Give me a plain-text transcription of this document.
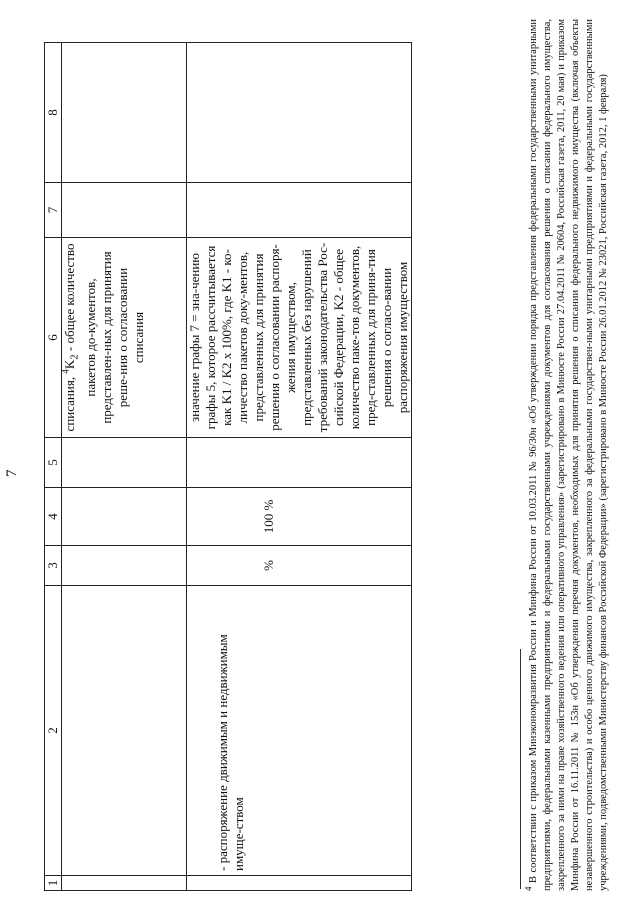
7
1	2	3	4	5	6	7	8
					списания, $^4K_2$ - общее количество пакетов до-кументов, представлен-ных для принятия реше-ния о согласовании списания		

	- распоряжение движимым и недвижимым имуще-ством	%	100 %		значение графы 7 = зна-чению графы 5, которое рассчитывается как K1 / K2 x 100%, где K1 - ко-личество пакетов доку-ментов, представленных для принятия решения о согласовании распоря-жения имуществом, представленных без нарушений требований законодательства Рос-сийской Федерации, K2 - общее количество паке-тов документов, пред-ставленных для приня-тия решения о согласо-вании распоряжения имуществом		
4 В соответствии с приказом Минэкономразвития России и Минфина России от 10.03.2011 № 96/30н «Об утверждении порядка представления федеральными государственными унитарными предприятиями, федеральными казенными предприятиями и федеральными государственными учреждениями документов для согласования решения о списании федерального имущества, закрепленного за ними на праве хозяйственного ведения или оперативного управления» (зарегистрировано в Минюсте России 27.04.2011 № 20604, Российская газета, 2011, 20 мая) и приказом Минфина России от 16.11.2011 № 153н «Об утверждении перечня документов, необходимых для принятия решения о списании федерального недвижимого имущества (включая объекты незавершенного строительства) и особо ценного движимого имущества, закрепленного за федеральными государствен-ными унитарными предприятиями и федеральными государственными учреждениями, подведомственными Министерству финансов Российской Федерации» (зарегистрировано в Минюсте России 26.01.2012 № 23021, Российская газета, 2012, 1 февраля)
